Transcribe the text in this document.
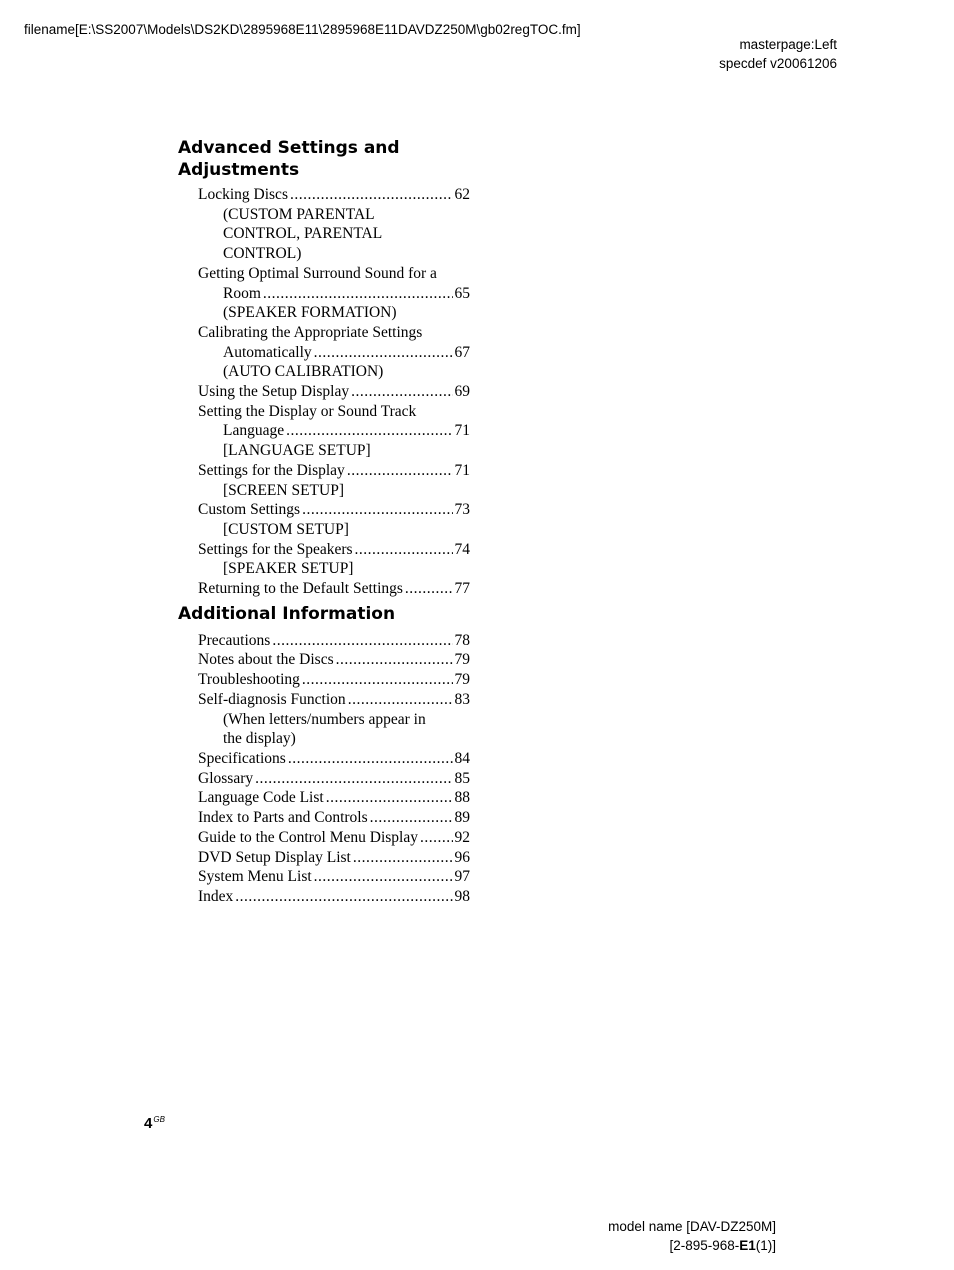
filename[E:\SS2007\Models\DS2KD\2895968E11\2895968E11DAVDZ250M\gb02regTOC.fm]
masterpage:Left
specdef v20061206
Advanced Settings and
Adjustments
Locking Discs .....	62
(CUSTOM PARENTAL
CONTROL, PARENTAL
CONTROL)
Getting Optimal Surround Sound for a
Room .....	65
(SPEAKER FORMATION)
Calibrating the Appropriate Settings
Automatically .....	67
(AUTO CALIBRATION)
Using the Setup Display .....	69
Setting the Display or Sound Track
Language .....	71
[LANGUAGE SETUP]
Settings for the Display .....	71
[SCREEN SETUP]
Custom Settings .....	73
[CUSTOM SETUP]
Settings for the Speakers .....	74
[SPEAKER SETUP]
Returning to the Default Settings .....	77
Additional Information
Precautions .....	78
Notes about the Discs .....	79
Troubleshooting .....	79
Self-diagnosis Function .....	83
(When letters/numbers appear in
the display)
Specifications .....	84
Glossary .....	85
Language Code List .....	88
Index to Parts and Controls .....	89
Guide to the Control Menu Display ..... 92
DVD Setup Display List .....	96
System Menu List .....	97
Index .....	98
$4^{GB}$
model name [DAV-DZ250M]
[2-895-968-E1(1)]
